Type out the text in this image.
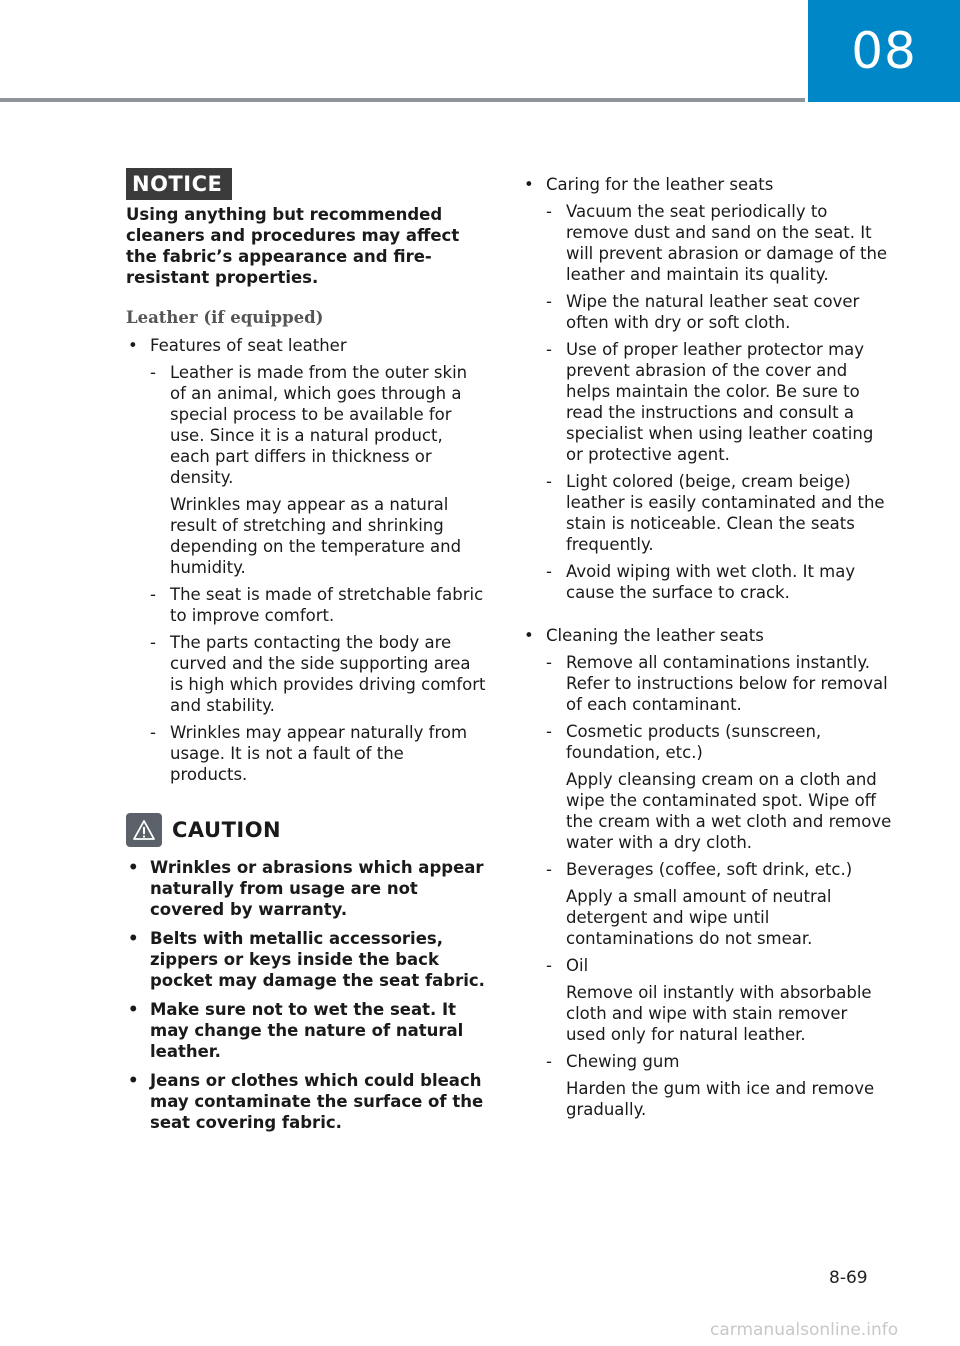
08
NOTICE

Using anything but recommended cleaners and procedures may affect the fabric’s appearance and fire-resistant properties.

Leather (if equipped)
• Features of seat leather
- Leather is made from the outer skin of an animal, which goes through a special process to be available for use. Since it is a natural product, each part differs in thickness or density.

Wrinkles may appear as a natural result of stretching and shrinking depending on the temperature and humidity.

- The seat is made of stretchable fabric to improve comfort.
- The parts contacting the body are curved and the side supporting area is high which provides driving comfort and stability.
- Wrinkles may appear naturally from usage. It is not a fault of the products.
CAUTION
• Wrinkles or abrasions which appear naturally from usage are not covered by warranty.
• Belts with metallic accessories, zippers or keys inside the back pocket may damage the seat fabric.
• Make sure not to wet the seat. It may change the nature of natural leather.
• Jeans or clothes which could bleach may contaminate the surface of the seat covering fabric.
• Caring for the leather seats
- Vacuum the seat periodically to remove dust and sand on the seat. It will prevent abrasion or damage of the leather and maintain its quality.
- Wipe the natural leather seat cover often with dry or soft cloth.
- Use of proper leather protector may prevent abrasion of the cover and helps maintain the color. Be sure to read the instructions and consult a specialist when using leather coating or protective agent.
- Light colored (beige, cream beige) leather is easily contaminated and the stain is noticeable. Clean the seats frequently.
- Avoid wiping with wet cloth. It may cause the surface to crack.
• Cleaning the leather seats
- Remove all contaminations instantly. Refer to instructions below for removal of each contaminant.
- Cosmetic products (sunscreen, foundation, etc.)

Apply cleansing cream on a cloth and wipe the contaminated spot. Wipe off the cream with a wet cloth and remove water with a dry cloth.

- Beverages (coffee, soft drink, etc.)

Apply a small amount of neutral detergent and wipe until contaminations do not smear.

- Oil

Remove oil instantly with absorbable cloth and wipe with stain remover used only for natural leather.

- Chewing gum

Harden the gum with ice and remove gradually.

8-69
carmanualsonline.info
